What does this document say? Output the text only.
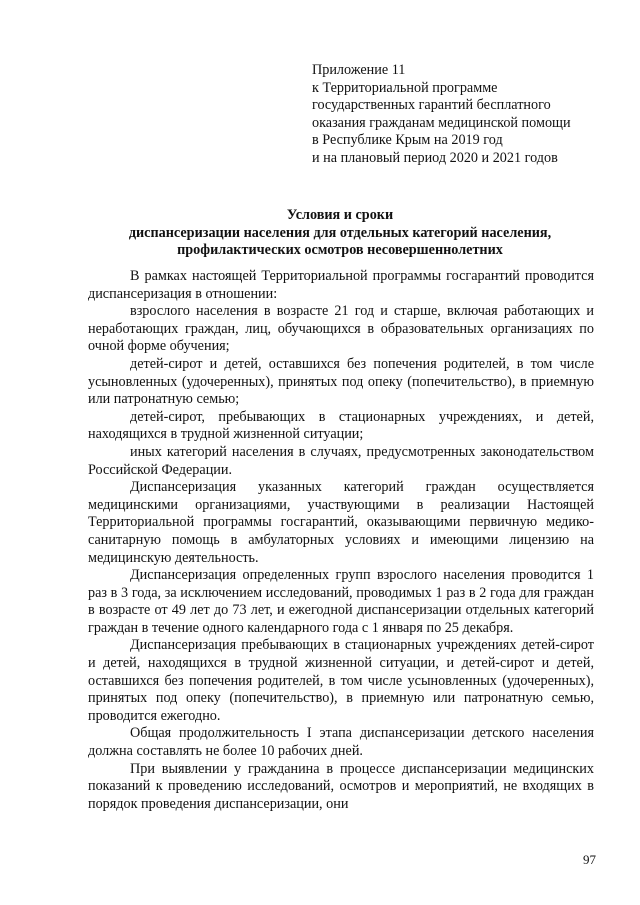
Приложение 11
к Территориальной программе
государственных гарантий бесплатного
оказания гражданам медицинской помощи
в Республике Крым на 2019 год
и на плановый период 2020 и 2021 годов
Условия и сроки
диспансеризации населения для отдельных категорий населения,
профилактических осмотров несовершеннолетних

В рамках настоящей Территориальной программы госгарантий проводится диспансеризация в отношении:

взрослого населения в возрасте 21 год и старше, включая работающих и неработающих граждан, лиц, обучающихся в образовательных организациях по очной форме обучения;

детей-сирот и детей, оставшихся без попечения родителей, в том числе усыновленных (удочеренных), принятых под опеку (попечительство), в приемную или патронатную семью;

детей-сирот, пребывающих в стационарных учреждениях, и детей, находящихся в трудной жизненной ситуации;

иных категорий населения в случаях, предусмотренных законодательством Российской Федерации.

Диспансеризация указанных категорий граждан осуществляется медицинскими организациями, участвующими в реализации Настоящей Территориальной программы госгарантий, оказывающими первичную медико-санитарную помощь в амбулаторных условиях и имеющими лицензию на медицинскую деятельность.

Диспансеризация определенных групп взрослого населения проводится 1 раз в 3 года, за исключением исследований, проводимых 1 раз в 2 года для граждан в возрасте от 49 лет до 73 лет, и ежегодной диспансеризации отдельных категорий граждан в течение одного календарного года с 1 января по 25 декабря.

Диспансеризация пребывающих в стационарных учреждениях детей-сирот и детей, находящихся в трудной жизненной ситуации, и детей-сирот и детей, оставшихся без попечения родителей, в том числе усыновленных (удочеренных), принятых под опеку (попечительство), в приемную или патронатную семью, проводится ежегодно.

Общая продолжительность I этапа диспансеризации детского населения должна составлять не более 10 рабочих дней.

При выявлении у гражданина в процессе диспансеризации медицинских показаний к проведению исследований, осмотров и мероприятий, не входящих в порядок проведения диспансеризации, они

97
